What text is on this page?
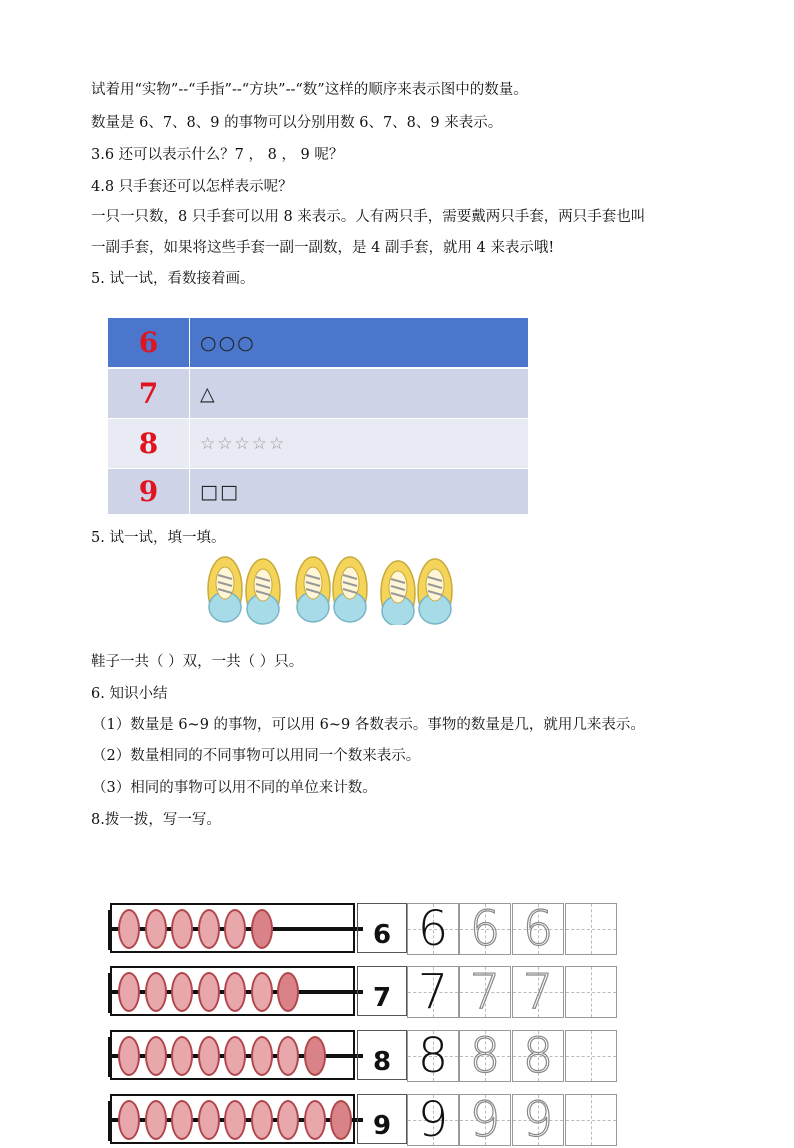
试着用“实物”--“手指”--“方块”--“数”这样的顺序来表示图中的数量。
数量是 6、7、8、9 的事物可以分别用数 6、7、8、9 来表示。
3.6 还可以表示什么？7 ， 8 ， 9 呢？
4.8 只手套还可以怎样表示呢？
一只一只数，8 只手套可以用 8 来表示。人有两只手，需要戴两只手套，两只手套也叫
一副手套，如果将这些手套一副一副数，是 4 副手套，就用 4 来表示哦!
5. 试一试，看数接着画。
6	○○○
7	△
8	☆☆☆☆☆
9	□□
5. 试一试，填一填。
鞋子一共（ ）双，一共（ ）只。
6. 知识小结
（1）数量是 6~9 的事物，可以用 6~9 各数表示。事物的数量是几，就用几来表示。
（2）数量相同的不同事物可以用同一个数来表示。
（3）相同的事物可以用不同的单位来计数。
8.拨一拨，写一写。
6 6 6 6
7 7 7 7
8 8 8 8
9 9 9 9
